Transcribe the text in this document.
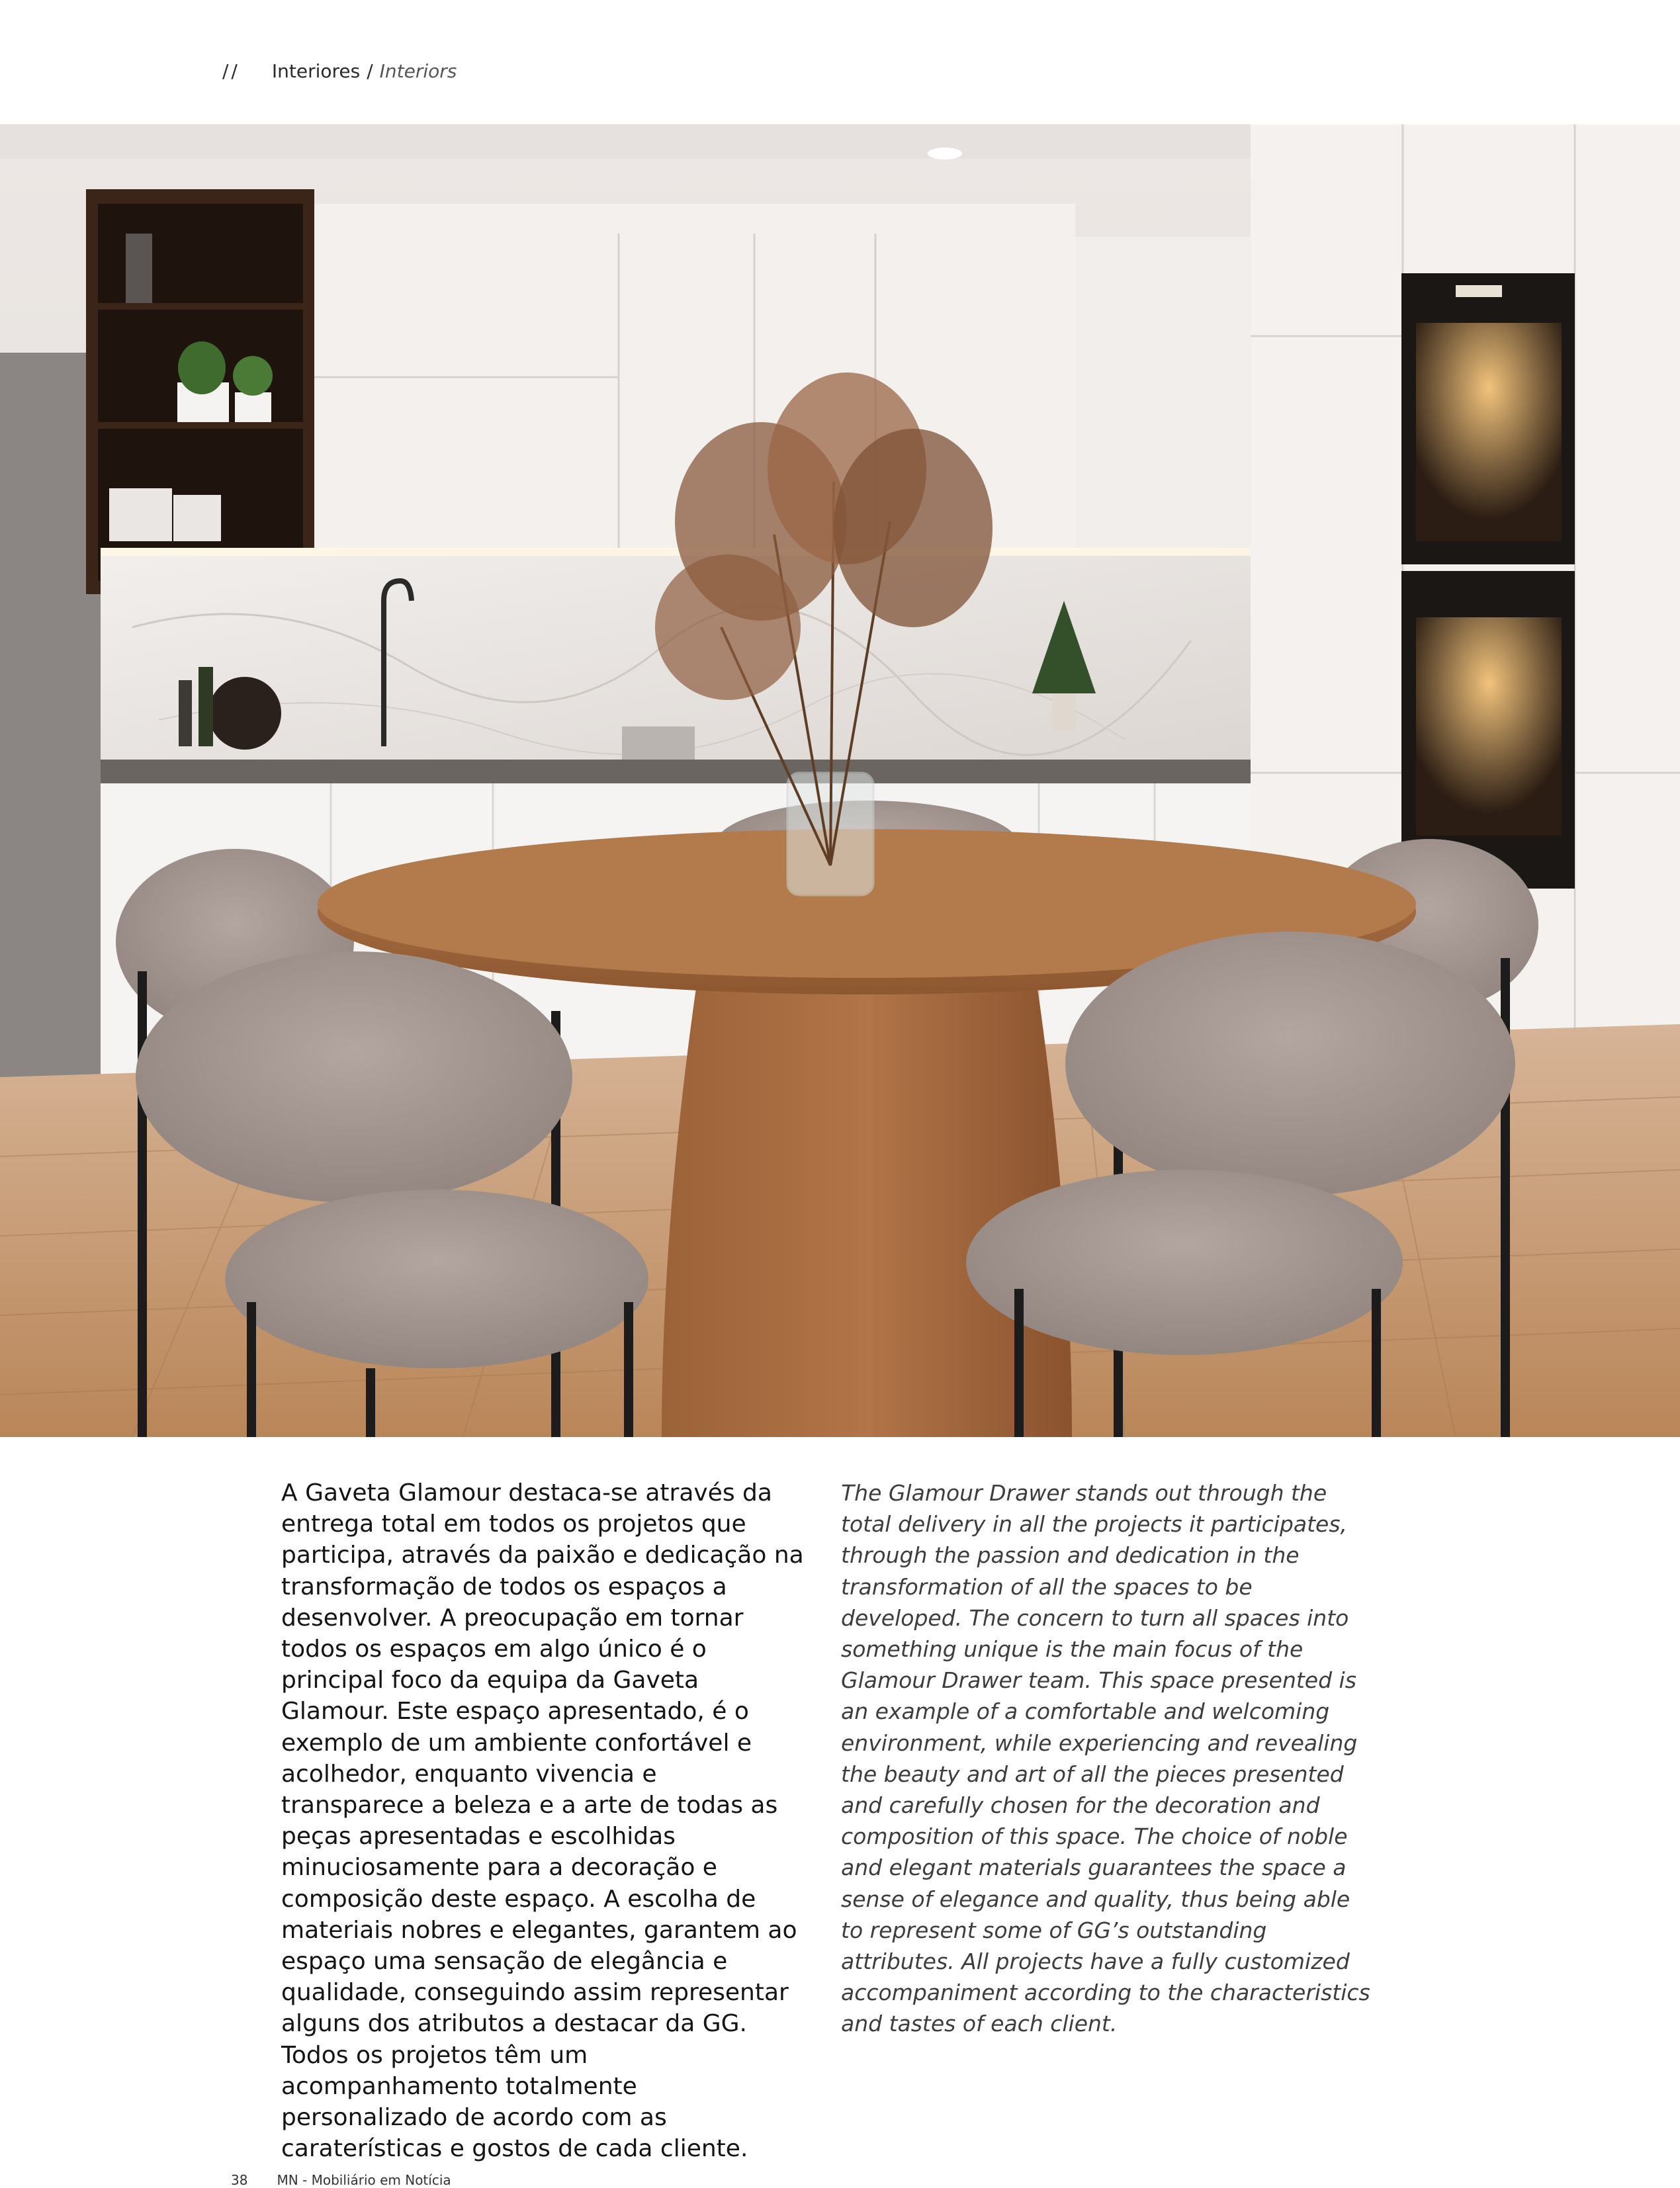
// Interiores / Interiors

A Gaveta Glamour destaca-se através da entrega total em todos os projetos que participa, através da paixão e dedicação na transformação de todos os espaços a desenvolver. A preocupação em tornar todos os espaços em algo único é o principal foco da equipa da Gaveta Glamour. Este espaço apresentado, é o exemplo de um ambiente confortável e acolhedor, enquanto vivencia e transparece a beleza e a arte de todas as peças apresentadas e escolhidas minuciosamente para a decoração e composição deste espaço. A escolha de materiais nobres e elegantes, garantem ao espaço uma sensação de elegância e qualidade, conseguindo assim representar alguns dos atributos a destacar da GG. Todos os projetos têm um acompanhamento totalmente personalizado de acordo com as caraterísticas e gostos de cada cliente.

The Glamour Drawer stands out through the total delivery in all the projects it participates, through the passion and dedication in the transformation of all the spaces to be developed. The concern to turn all spaces into something unique is the main focus of the Glamour Drawer team. This space presented is an example of a comfortable and welcoming environment, while experiencing and revealing the beauty and art of all the pieces presented and carefully chosen for the decoration and composition of this space. The choice of noble and elegant materials guarantees the space a sense of elegance and quality, thus being able to represent some of GG’s outstanding attributes. All projects have a fully customized accompaniment according to the characteristics and tastes of each client.

38 MN - Mobiliário em Notícia
